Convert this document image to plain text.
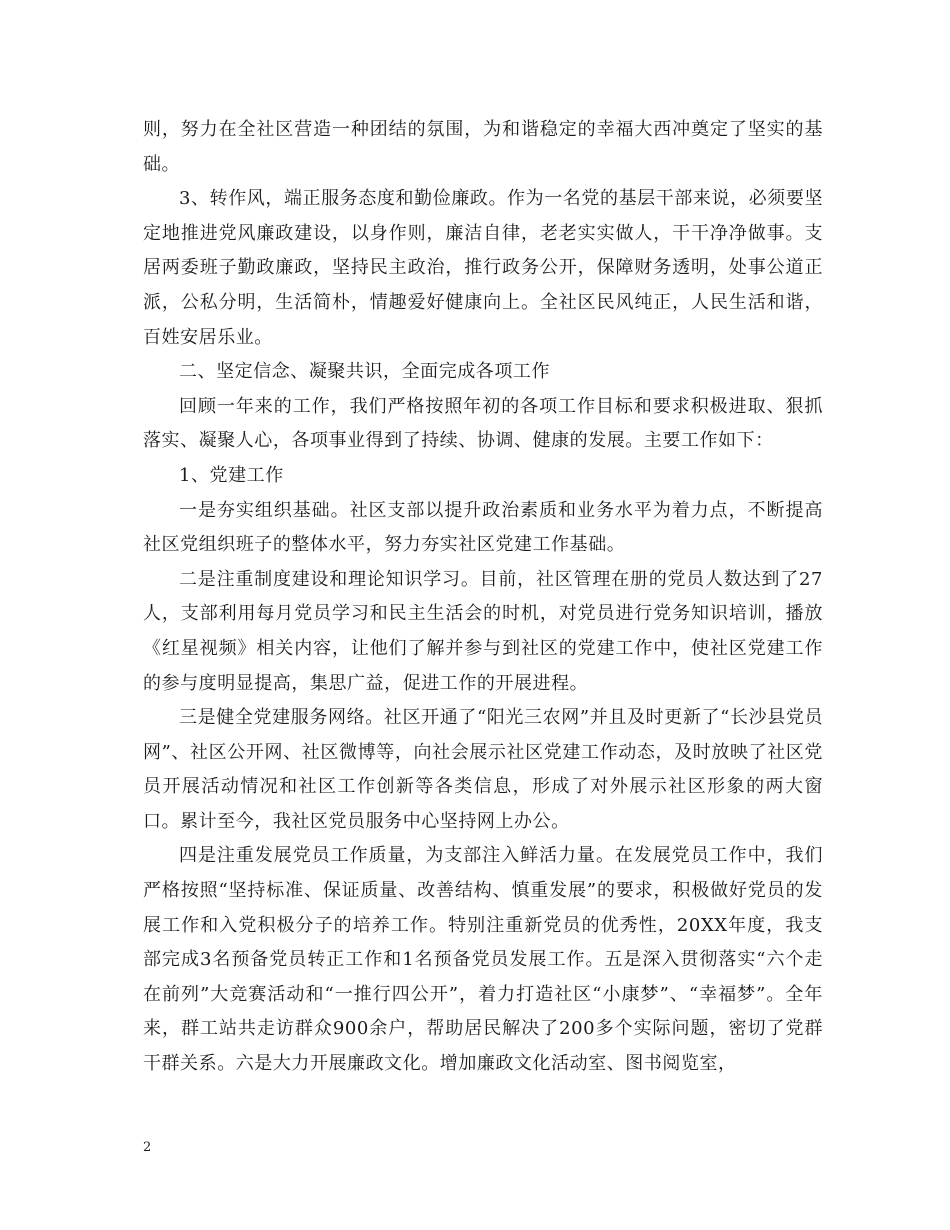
则，努力在全社区营造一种团结的氛围，为和谐稳定的幸福大西冲奠定了坚实的基础。

3、转作风，端正服务态度和勤俭廉政。作为一名党的基层干部来说，必须要坚定地推进党风廉政建设，以身作则，廉洁自律，老老实实做人，干干净净做事。支居两委班子勤政廉政，坚持民主政治，推行政务公开，保障财务透明，处事公道正派，公私分明，生活简朴，情趣爱好健康向上。全社区民风纯正，人民生活和谐，百姓安居乐业。

二、坚定信念、凝聚共识，全面完成各项工作

回顾一年来的工作，我们严格按照年初的各项工作目标和要求积极进取、狠抓落实、凝聚人心，各项事业得到了持续、协调、健康的发展。主要工作如下：

1、党建工作

一是夯实组织基础。社区支部以提升政治素质和业务水平为着力点，不断提高社区党组织班子的整体水平，努力夯实社区党建工作基础。

二是注重制度建设和理论知识学习。目前，社区管理在册的党员人数达到了27人，支部利用每月党员学习和民主生活会的时机，对党员进行党务知识培训，播放《红星视频》相关内容，让他们了解并参与到社区的党建工作中，使社区党建工作的参与度明显提高，集思广益，促进工作的开展进程。

三是健全党建服务网络。社区开通了“阳光三农网”并且及时更新了“长沙县党员网”、社区公开网、社区微博等，向社会展示社区党建工作动态，及时放映了社区党员开展活动情况和社区工作创新等各类信息，形成了对外展示社区形象的两大窗口。累计至今，我社区党员服务中心坚持网上办公。

四是注重发展党员工作质量，为支部注入鲜活力量。在发展党员工作中，我们严格按照“坚持标准、保证质量、改善结构、慎重发展”的要求，积极做好党员的发展工作和入党积极分子的培养工作。特别注重新党员的优秀性，20XX年度，我支部完成3名预备党员转正工作和1名预备党员发展工作。五是深入贯彻落实“六个走在前列”大竞赛活动和“一推行四公开”，着力打造社区“小康梦”、“幸福梦”。全年来，群工站共走访群众900余户，帮助居民解决了200多个实际问题，密切了党群干群关系。六是大力开展廉政文化。增加廉政文化活动室、图书阅览室，

2
